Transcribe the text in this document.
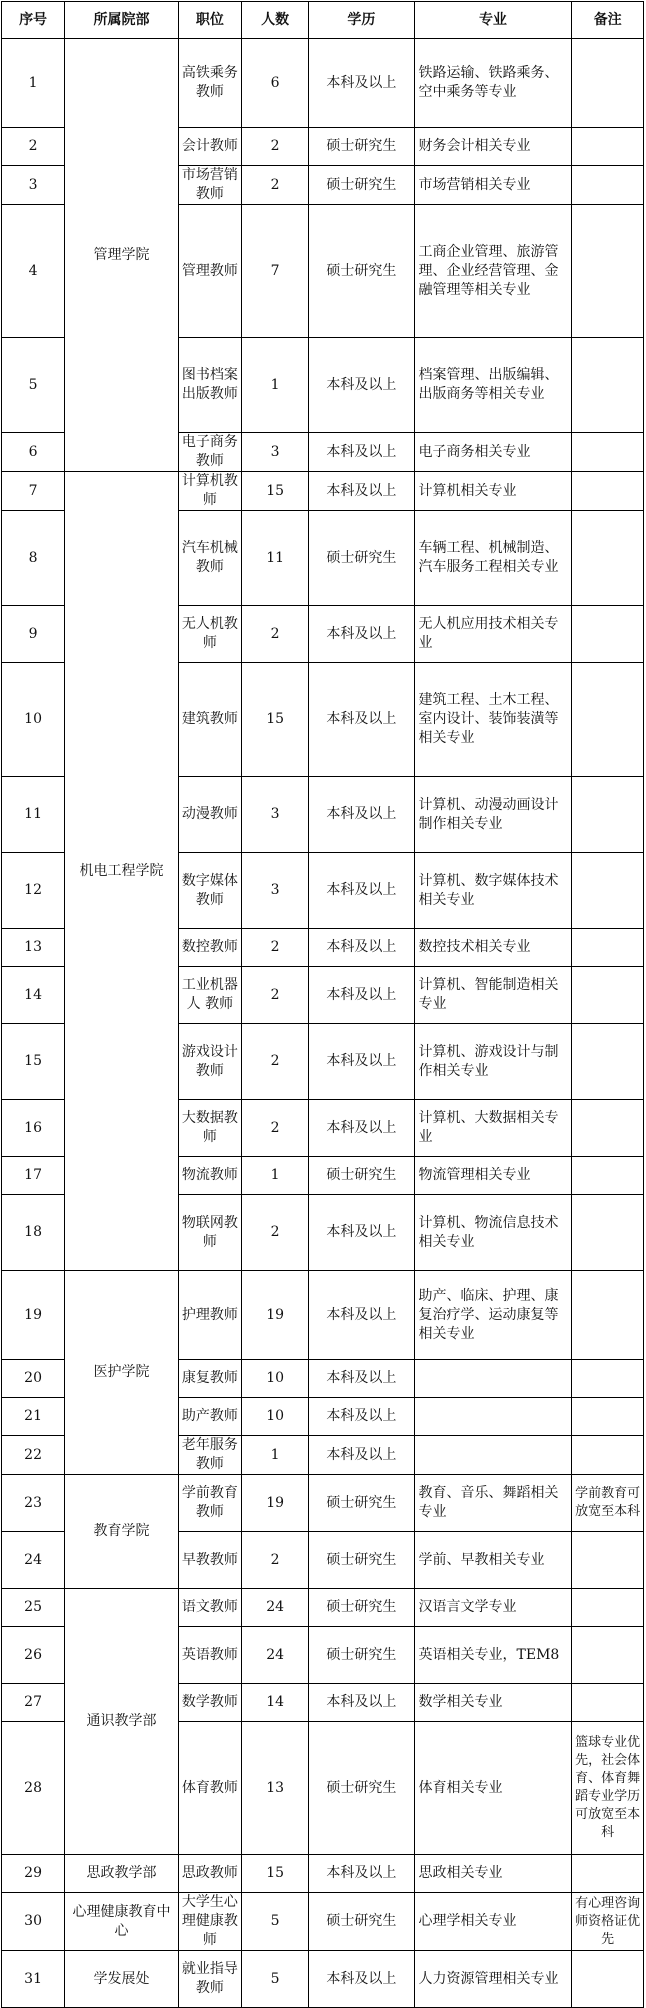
序号	所属院部	职位	人数	学历	专业	备注
1	管理学院	高铁乘务教师	6	本科及以上	铁路运输、铁路乘务、空中乘务等专业	
2		会计教师	2	硕士研究生	财务会计相关专业	
3		市场营销教师	2	硕士研究生	市场营销相关专业	
4		管理教师	7	硕士研究生	工商企业管理、旅游管理、企业经营管理、金融管理等相关专业	
5		图书档案出版教师	1	本科及以上	档案管理、出版编辑、出版商务等相关专业	
6		电子商务教师	3	本科及以上	电子商务相关专业	
7	机电工程学院	计算机教师	15	本科及以上	计算机相关专业	
8		汽车机械教师	11	硕士研究生	车辆工程、机械制造、汽车服务工程相关专业	
9		无人机教师	2	本科及以上	无人机应用技术相关专业	
10		建筑教师	15	本科及以上	建筑工程、土木工程、室内设计、装饰装潢等相关专业	
11		动漫教师	3	本科及以上	计算机、动漫动画设计制作相关专业	
12		数字媒体教师	3	本科及以上	计算机、数字媒体技术相关专业	
13		数控教师	2	本科及以上	数控技术相关专业	
14		工业机器人 教师	2	本科及以上	计算机、智能制造相关专业	
15		游戏设计教师	2	本科及以上	计算机、游戏设计与制作相关专业	
16		大数据教师	2	本科及以上	计算机、大数据相关专业	
17		物流教师	1	硕士研究生	物流管理相关专业	
18		物联网教师	2	本科及以上	计算机、物流信息技术相关专业	
19	医护学院	护理教师	19	本科及以上	助产、临床、护理、康复治疗学、运动康复等相关专业	
20		康复教师	10	本科及以上		
21		助产教师	10	本科及以上		
22		老年服务教师	1	本科及以上		
23	教育学院	学前教育教师	19	硕士研究生	教育、音乐、舞蹈相关专业	学前教育可放宽至本科
24		早教教师	2	硕士研究生	学前、早教相关专业	
25	通识教学部	语文教师	24	硕士研究生	汉语言文学专业	
26		英语教师	24	硕士研究生	英语相关专业，TEM8	
27		数学教师	14	本科及以上	数学相关专业	
28		体育教师	13	硕士研究生	体育相关专业	篮球专业优先，社会体育、体育舞蹈专业学历可放宽至本科
29	思政教学部	思政教师	15	本科及以上	思政相关专业	
30	心理健康教育中心	大学生心理健康教师	5	硕士研究生	心理学相关专业	有心理咨询师资格证优先
31	学发展处	就业指导教师	5	本科及以上	人力资源管理相关专业	
